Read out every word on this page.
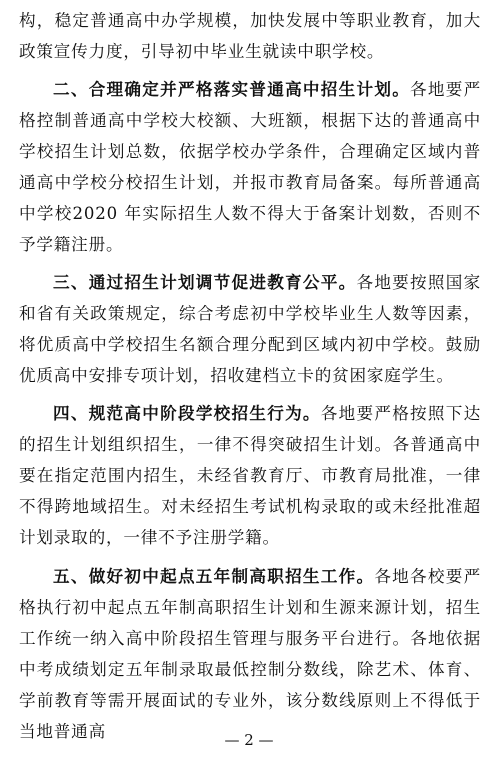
构，稳定普通高中办学规模，加快发展中等职业教育，加大政策宣传力度，引导初中毕业生就读中职学校。

二、合理确定并严格落实普通高中招生计划。各地要严格控制普通高中学校大校额、大班额，根据下达的普通高中学校招生计划总数，依据学校办学条件，合理确定区域内普通高中学校分校招生计划，并报市教育局备案。每所普通高中学校2020 年实际招生人数不得大于备案计划数，否则不予学籍注册。

三、通过招生计划调节促进教育公平。各地要按照国家和省有关政策规定，综合考虑初中学校毕业生人数等因素，将优质高中学校招生名额合理分配到区域内初中学校。鼓励优质高中安排专项计划，招收建档立卡的贫困家庭学生。

四、规范高中阶段学校招生行为。各地要严格按照下达的招生计划组织招生，一律不得突破招生计划。各普通高中要在指定范围内招生，未经省教育厅、市教育局批准，一律不得跨地域招生。对未经招生考试机构录取的或未经批准超计划录取的，一律不予注册学籍。

五、做好初中起点五年制高职招生工作。各地各校要严格执行初中起点五年制高职招生计划和生源来源计划，招生工作统一纳入高中阶段招生管理与服务平台进行。各地依据中考成绩划定五年制录取最低控制分数线，除艺术、体育、学前教育等需开展面试的专业外，该分数线原则上不得低于当地普通高	— 2 —
